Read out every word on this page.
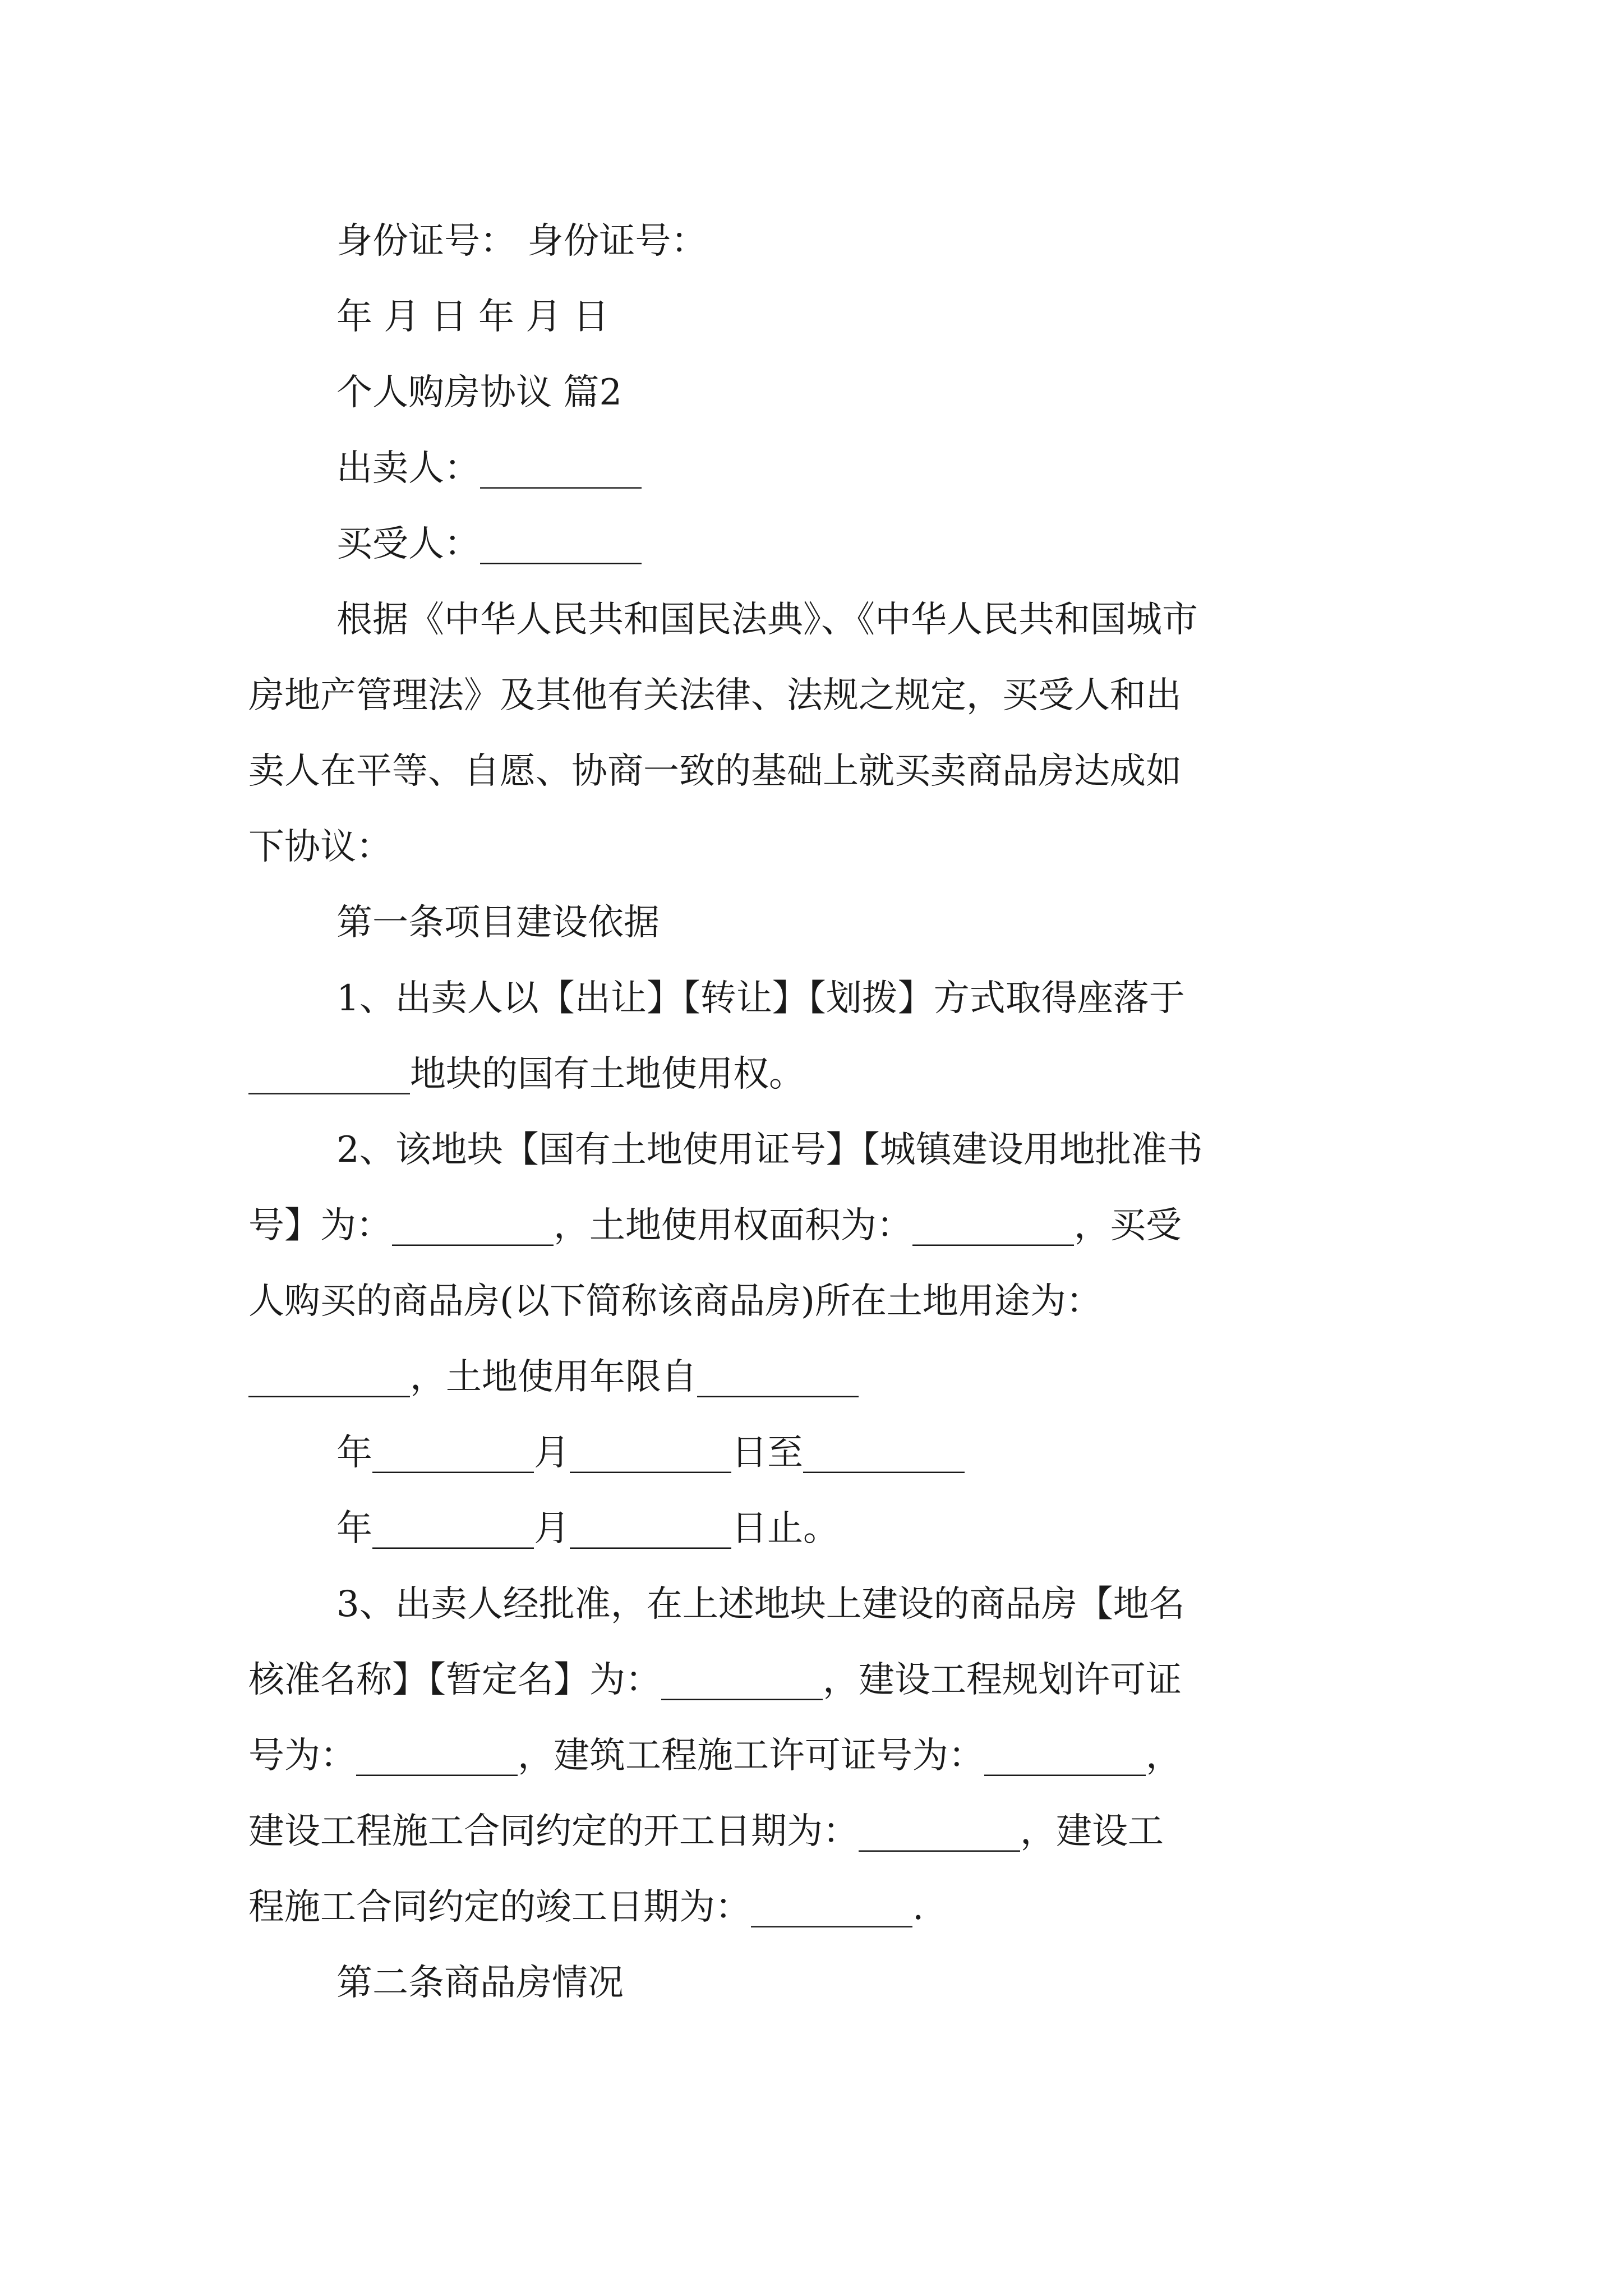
身份证号： 身份证号：
年 月 日 年 月 日
个人购房协议 篇2
出卖人：_________
买受人：_________
根据《中华人民共和国民法典》、《中华人民共和国城市
房地产管理法》及其他有关法律、法规之规定，买受人和出
卖人在平等、自愿、协商一致的基础上就买卖商品房达成如
下协议：
第一条项目建设依据
1、出卖人以【出让】【转让】【划拨】方式取得座落于
_________地块的国有土地使用权。
2、该地块【国有土地使用证号】【城镇建设用地批准书
号】为：_________，土地使用权面积为：_________，买受
人购买的商品房(以下简称该商品房)所在土地用途为：
_________，土地使用年限自_________
年_________月_________日至_________
年_________月_________日止。
3、出卖人经批准，在上述地块上建设的商品房【地名
核准名称】【暂定名】为：_________，建设工程规划许可证
号为：_________，建筑工程施工许可证号为：_________，
建设工程施工合同约定的开工日期为：_________，建设工
程施工合同约定的竣工日期为：_________.
第二条商品房情况
